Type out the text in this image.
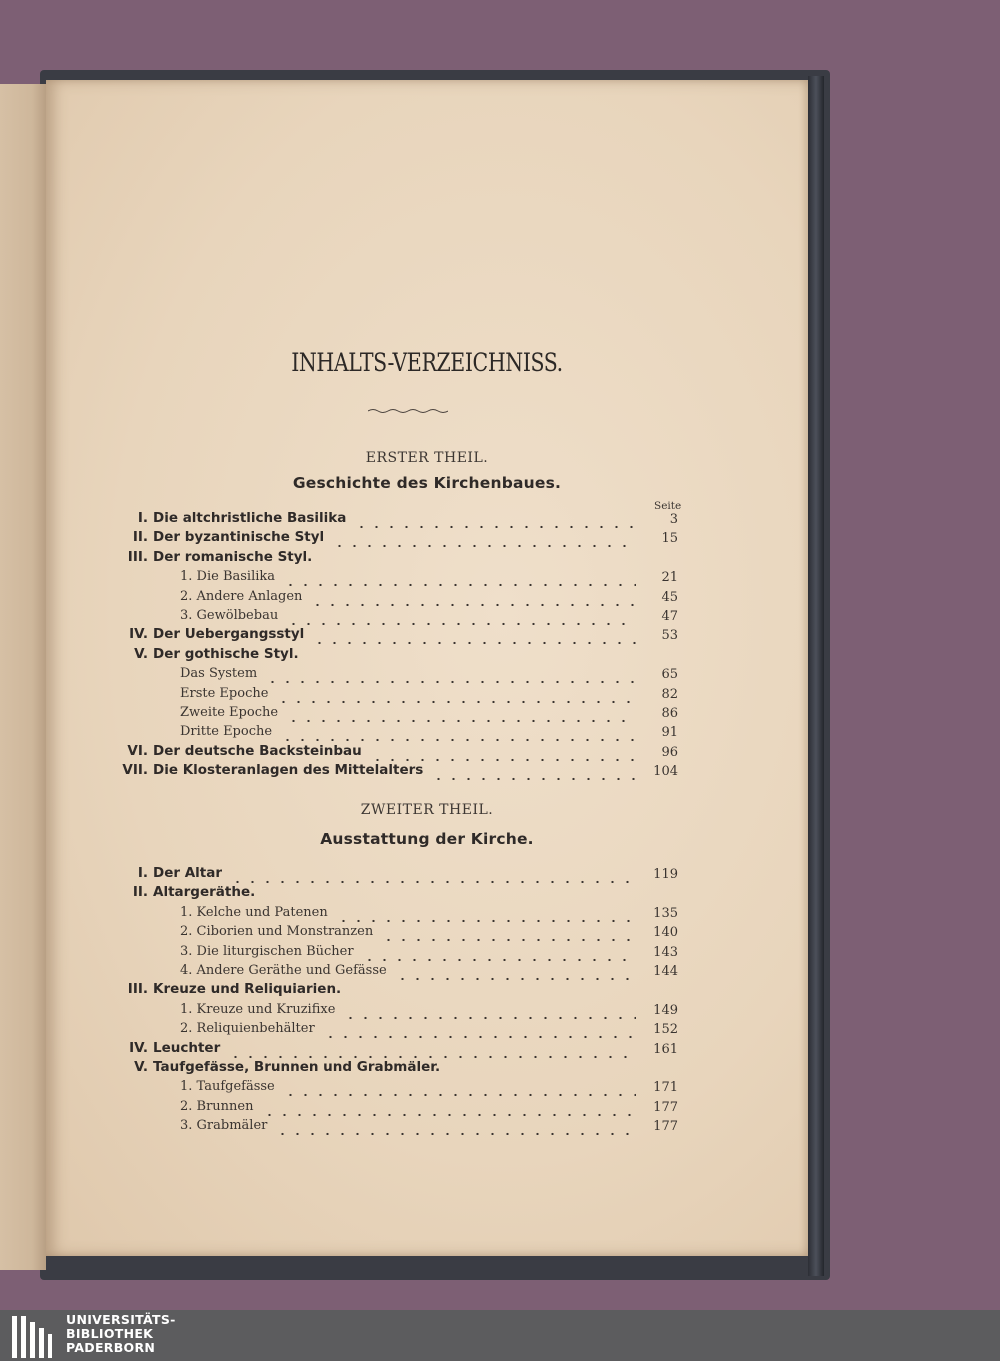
INHALTS-VERZEICHNISS.
ERSTER THEIL.
Geschichte des Kirchenbaues.
Seite
I. Die altchristliche Basilika	3
II. Der byzantinische Styl	15
III. Der romanische Styl.
1. Die Basilika	21
2. Andere Anlagen	45
3. Gewölbebau	47
IV. Der Uebergangsstyl	53
V. Der gothische Styl.
Das System	65
Erste Epoche	82
Zweite Epoche	86
Dritte Epoche	91
VI. Der deutsche Backsteinbau	96
VII. Die Klosteranlagen des Mittelalters	104
ZWEITER THEIL.
Ausstattung der Kirche.
I. Der Altar	119
II. Altargeräthe.
1. Kelche und Patenen	135
2. Ciborien und Monstranzen	140
3. Die liturgischen Bücher	143
4. Andere Geräthe und Gefässe	144
III. Kreuze und Reliquiarien.
1. Kreuze und Kruzifixe	149
2. Reliquienbehälter	152
IV. Leuchter	161
V. Taufgefässe, Brunnen und Grabmäler.
1. Taufgefässe	171
2. Brunnen	177
3. Grabmäler	177
UNIVERSITÄTS-
BIBLIOTHEK
PADERBORN
